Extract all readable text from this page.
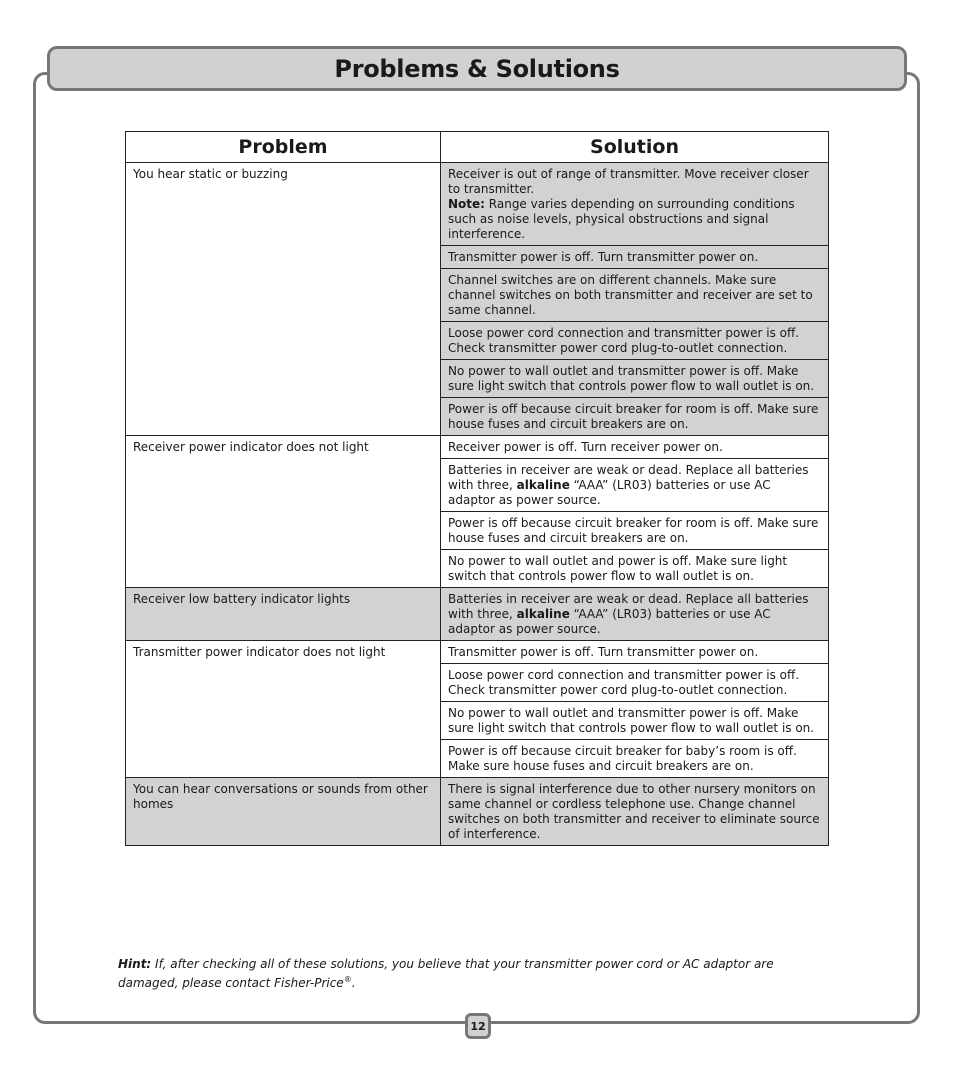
Problems & Solutions
Problem	Solution
You hear static or buzzing	Receiver is out of range of transmitter. Move receiver closer to transmitter.
Note: Range varies depending on surrounding conditions such as noise levels, physical obstructions and signal interference.

	Transmitter power is off. Turn transmitter power on.
	Channel switches are on different channels. Make sure channel switches on both transmitter and receiver are set to same channel.
	Loose power cord connection and transmitter power is off. Check transmitter power cord plug-to-outlet connection.
	No power to wall outlet and transmitter power is off. Make sure light switch that controls power flow to wall outlet is on.
	Power is off because circuit breaker for room is off. Make sure house fuses and circuit breakers are on.
Receiver power indicator does not light	Receiver power is off. Turn receiver power on.
	Batteries in receiver are weak or dead. Replace all batteries with three, alkaline “AAA” (LR03) batteries or use AC adaptor as power source.
	Power is off because circuit breaker for room is off. Make sure house fuses and circuit breakers are on.
	No power to wall outlet and power is off. Make sure light switch that controls power flow to wall outlet is on.
Receiver low battery indicator lights	Batteries in receiver are weak or dead. Replace all batteries with three, alkaline “AAA” (LR03) batteries or use AC adaptor as power source.
Transmitter power indicator does not light	Transmitter power is off. Turn transmitter power on.
	Loose power cord connection and transmitter power is off. Check transmitter power cord plug-to-outlet connection.
	No power to wall outlet and transmitter power is off. Make sure light switch that controls power flow to wall outlet is on.
	Power is off because circuit breaker for baby’s room is off. Make sure house fuses and circuit breakers are on.
You can hear conversations or sounds from other homes	There is signal interference due to other nursery monitors on same channel or cordless telephone use. Change channel switches on both transmitter and receiver to eliminate source of interference.
Hint: If, after checking all of these solutions, you believe that your transmitter power cord or AC adaptor are damaged, please contact Fisher-Price®.
12
